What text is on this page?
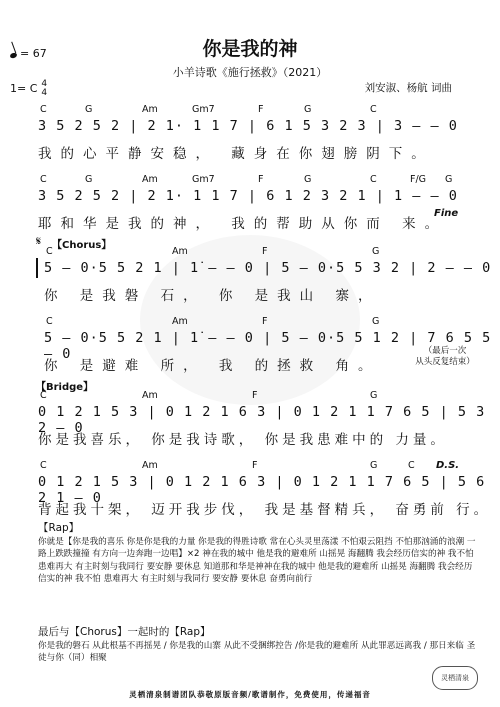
= 67	你是我的神
小羊诗歌《施行拯救》（2021）
1= C 4
4	刘安淑、杨航 词曲
C	G	Am	Gm7	F	G	C
3 5 2 5 2 | 2 1· 1 1 7 | 6 1 5 3 2 3 | 3 – – 0
我的心平静安稳， 藏身在你翅膀阴下。
C	G	Am	Gm7	F	G	C	F/G G
3 5 2 5 2 | 2 1· 1 1 7 | 6 1 2 3 2 1 | 1 – – 0
耶和华是我的神， 我的帮助从你而 来。
Fine
𝄋 【Chorus】
C	Am	F	G
5 – 0·5 5 2 1 | 1̇ – – 0 | 5 – 0·5 5 3 2 | 2 – – 0
你 是我磐 石， 你 是我山 寨，
C	Am	F	G
5 – 0·5 5 2 1 | 1̇ – – 0 | 5 – 0·5 5 1 2 | 7 6 5 5 – 0
你 是避难 所， 我 的拯救 角。
（最后一次
从头反复结束）
【Bridge】
C	Am	F	G
0 1 2 1 5 3 | 0 1 2 1 6 3 | 0 1 2 1 1 7 6 5 | 5 3 2 – 0
你是我喜乐， 你是我诗歌， 你是我患难中的 力量。
C	Am	F	G	C D.S.
0 1 2 1 5 3 | 0 1 2 1 6 3 | 0 1 2 1 1 7 6 5 | 5 6 2 1 – 0
背起我十架， 迈开我步伐， 我是基督精兵， 奋勇前 行。
【Rap】
你就是【你是我的喜乐 你是你是我的力量 你是我的得胜诗歌 常在心头灵里荡漾 不怕艰云阻挡 不怕那汹涌的浪潮 一路上跌跌撞撞 有方向一边奔跑一边唱】×2 神在我的城中 他是我的避难所 山摇晃 海翻腾 我会经历信实的神 我不怕 患难再大 有主时刻与我同行 要安静 要休息 知道那和华是神神在我的城中 他是我的避难所 山摇晃 海翻腾 我会经历信实的神 我不怕 患难再大 有主时刻与我同行 要安静 要休息 奋勇向前行
最后与【Chorus】一起时的【Rap】
你是我的磐石 从此根基不再摇晃 / 你是我的山寨 从此不受捆绑控告 /你是我的避难所 从此罪恶远离我 / 那日来临 圣徒与你（同）相聚
灵栖清泉
灵栖清泉制谱团队恭敬原版音频/歌谱制作，免费使用，传递福音
